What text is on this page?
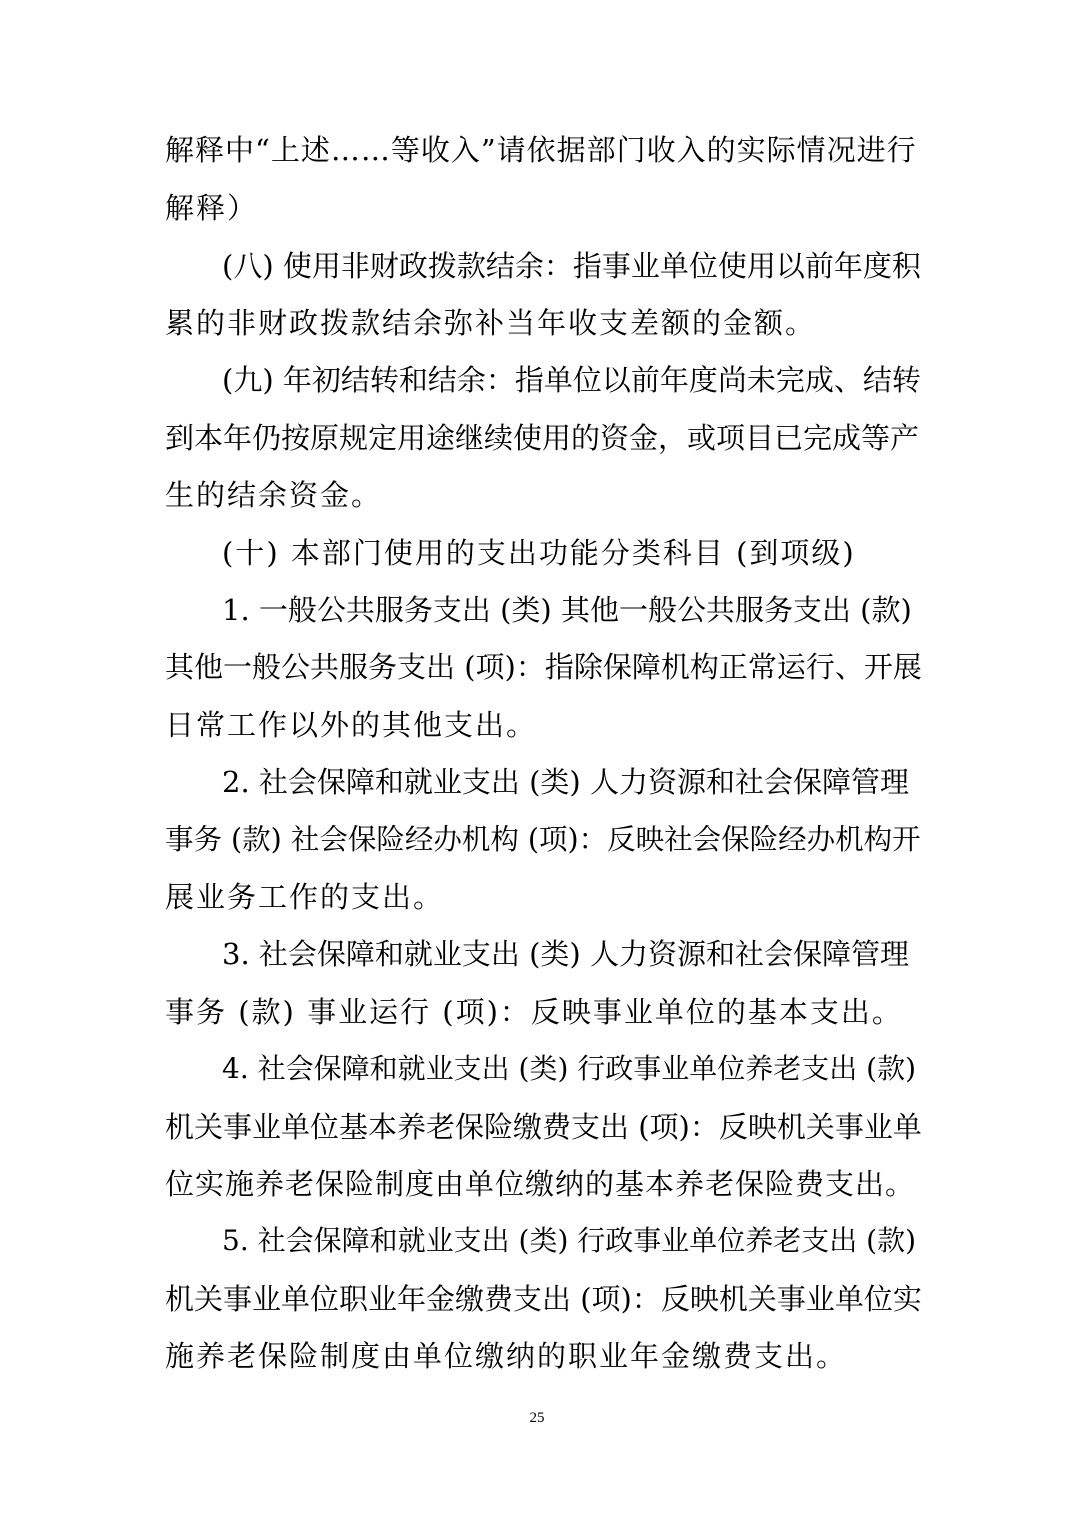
解释中“上述……等收入”请依据部门收入的实际情况进行
解释）
(八) 使用非财政拨款结余：指事业单位使用以前年度积
累的非财政拨款结余弥补当年收支差额的金额。
(九) 年初结转和结余：指单位以前年度尚未完成、结转
到本年仍按原规定用途继续使用的资金，或项目已完成等产
生的结余资金。
(十) 本部门使用的支出功能分类科目 (到项级)
1. 一般公共服务支出 (类) 其他一般公共服务支出 (款)
其他一般公共服务支出 (项)：指除保障机构正常运行、开展
日常工作以外的其他支出。
2. 社会保障和就业支出 (类) 人力资源和社会保障管理
事务 (款) 社会保险经办机构 (项)：反映社会保险经办机构开
展业务工作的支出。
3. 社会保障和就业支出 (类) 人力资源和社会保障管理
事务 (款) 事业运行 (项)：反映事业单位的基本支出。
4. 社会保障和就业支出 (类) 行政事业单位养老支出 (款)
机关事业单位基本养老保险缴费支出 (项)：反映机关事业单
位实施养老保险制度由单位缴纳的基本养老保险费支出。
5. 社会保障和就业支出 (类) 行政事业单位养老支出 (款)
机关事业单位职业年金缴费支出 (项)：反映机关事业单位实
施养老保险制度由单位缴纳的职业年金缴费支出。
25
